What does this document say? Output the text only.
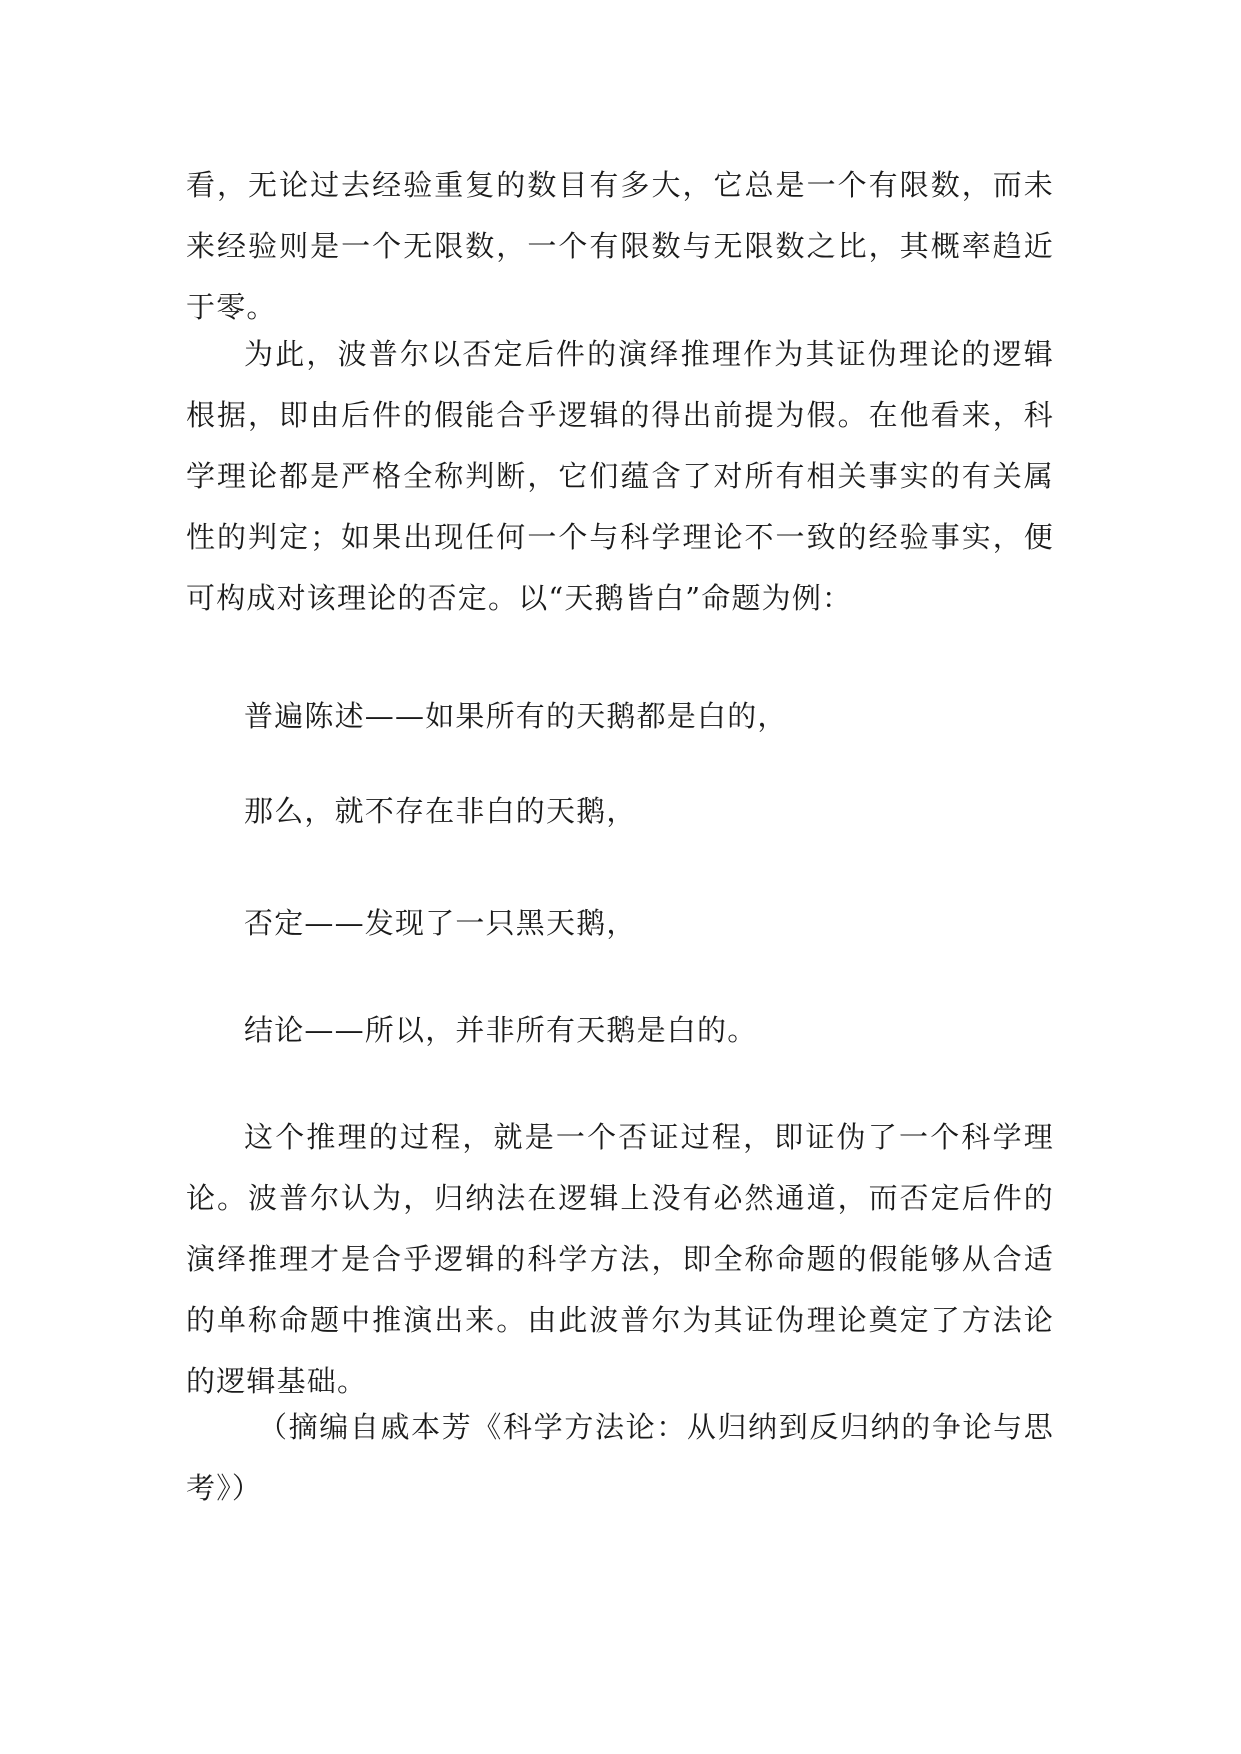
看，无论过去经验重复的数目有多大，它总是一个有限数，而未来经验则是一个无限数，一个有限数与无限数之比，其概率趋近于零。

为此，波普尔以否定后件的演绎推理作为其证伪理论的逻辑根据，即由后件的假能合乎逻辑的得出前提为假。在他看来，科学理论都是严格全称判断，它们蕴含了对所有相关事实的有关属性的判定；如果出现任何一个与科学理论不一致的经验事实，便可构成对该理论的否定。以“天鹅皆白”命题为例：

普遍陈述——如果所有的天鹅都是白的，

那么，就不存在非白的天鹅，

否定——发现了一只黑天鹅，

结论——所以，并非所有天鹅是白的。

这个推理的过程，就是一个否证过程，即证伪了一个科学理论。波普尔认为，归纳法在逻辑上没有必然通道，而否定后件的演绎推理才是合乎逻辑的科学方法，即全称命题的假能够从合适的单称命题中推演出来。由此波普尔为其证伪理论奠定了方法论的逻辑基础。

（摘编自戚本芳《科学方法论：从归纳到反归纳的争论与思考》）
